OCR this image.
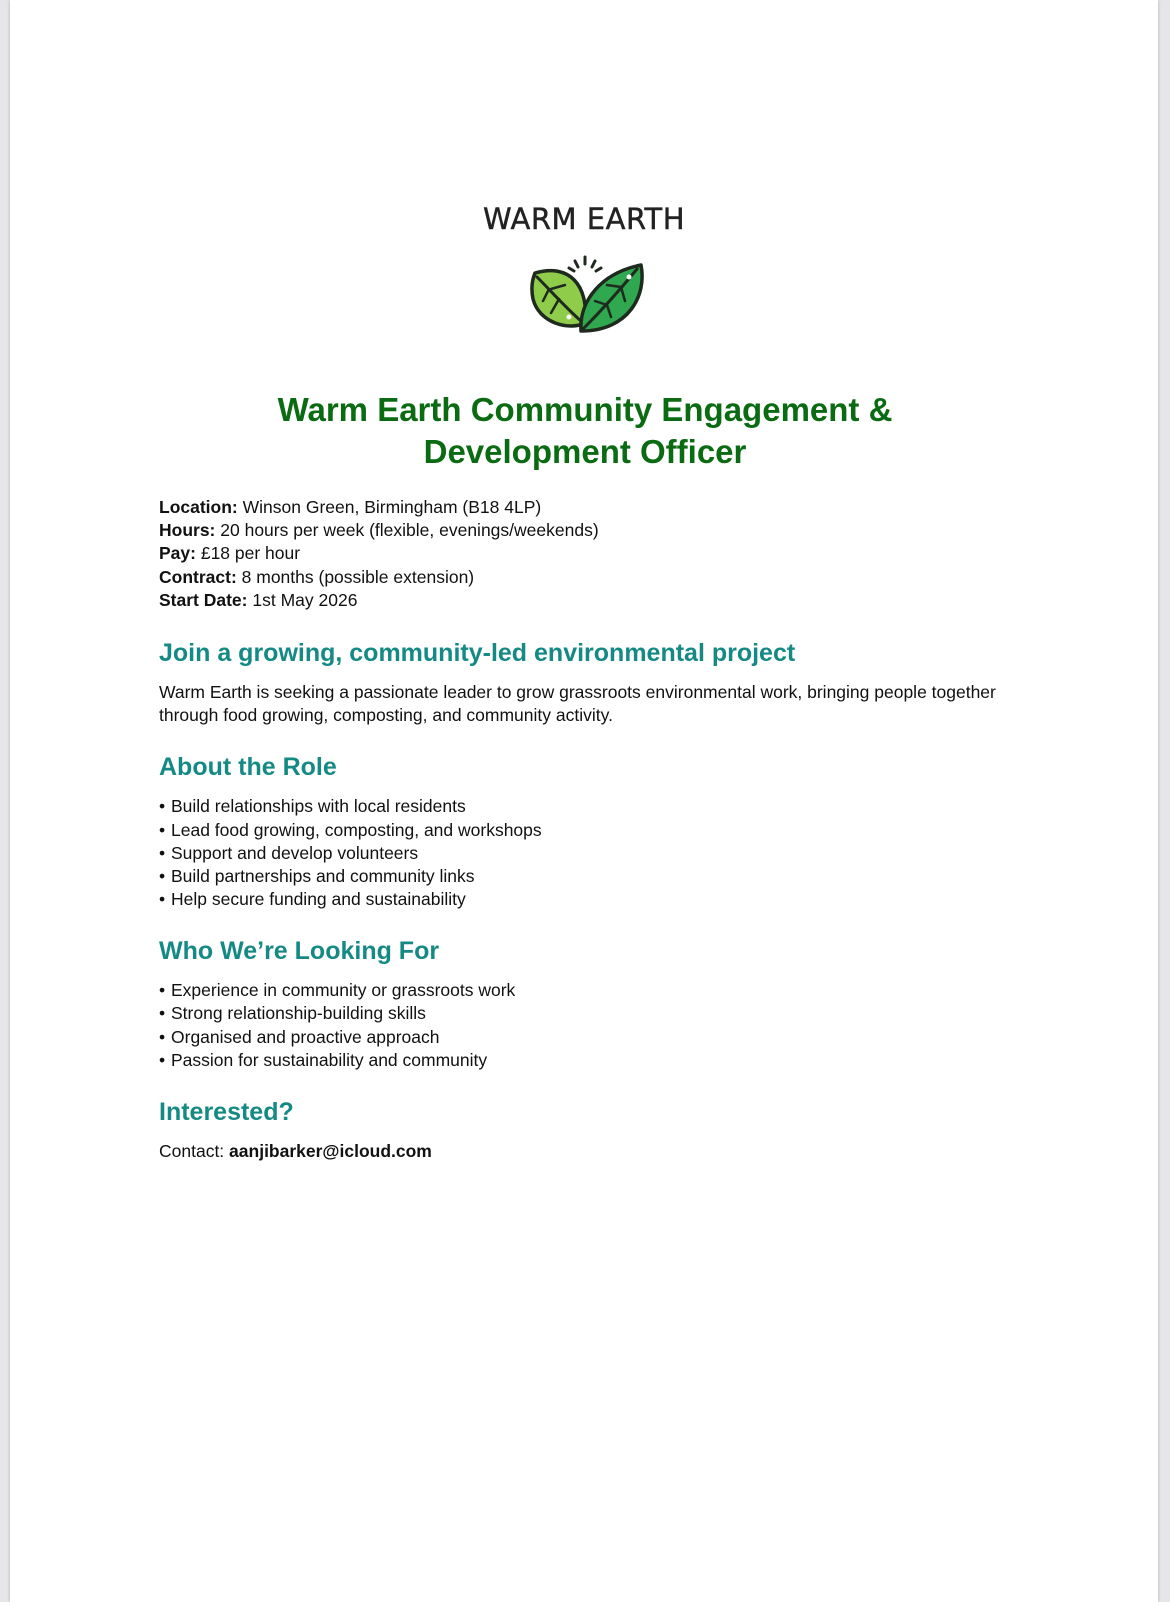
WARM EARTH
Warm Earth Community Engagement &
Development Officer
Location: Winson Green, Birmingham (B18 4LP)
Hours: 20 hours per week (flexible, evenings/weekends)
Pay: £18 per hour
Contract: 8 months (possible extension)
Start Date: 1st May 2026
Join a growing, community-led environmental project

Warm Earth is seeking a passionate leader to grow grassroots environmental work, bringing people together through food growing, composting, and community activity.

About the Role
• Build relationships with local residents
• Lead food growing, composting, and workshops
• Support and develop volunteers
• Build partnerships and community links
• Help secure funding and sustainability
Who We’re Looking For
• Experience in community or grassroots work
• Strong relationship-building skills
• Organised and proactive approach
• Passion for sustainability and community
Interested?
Contact: aanjibarker@icloud.com
